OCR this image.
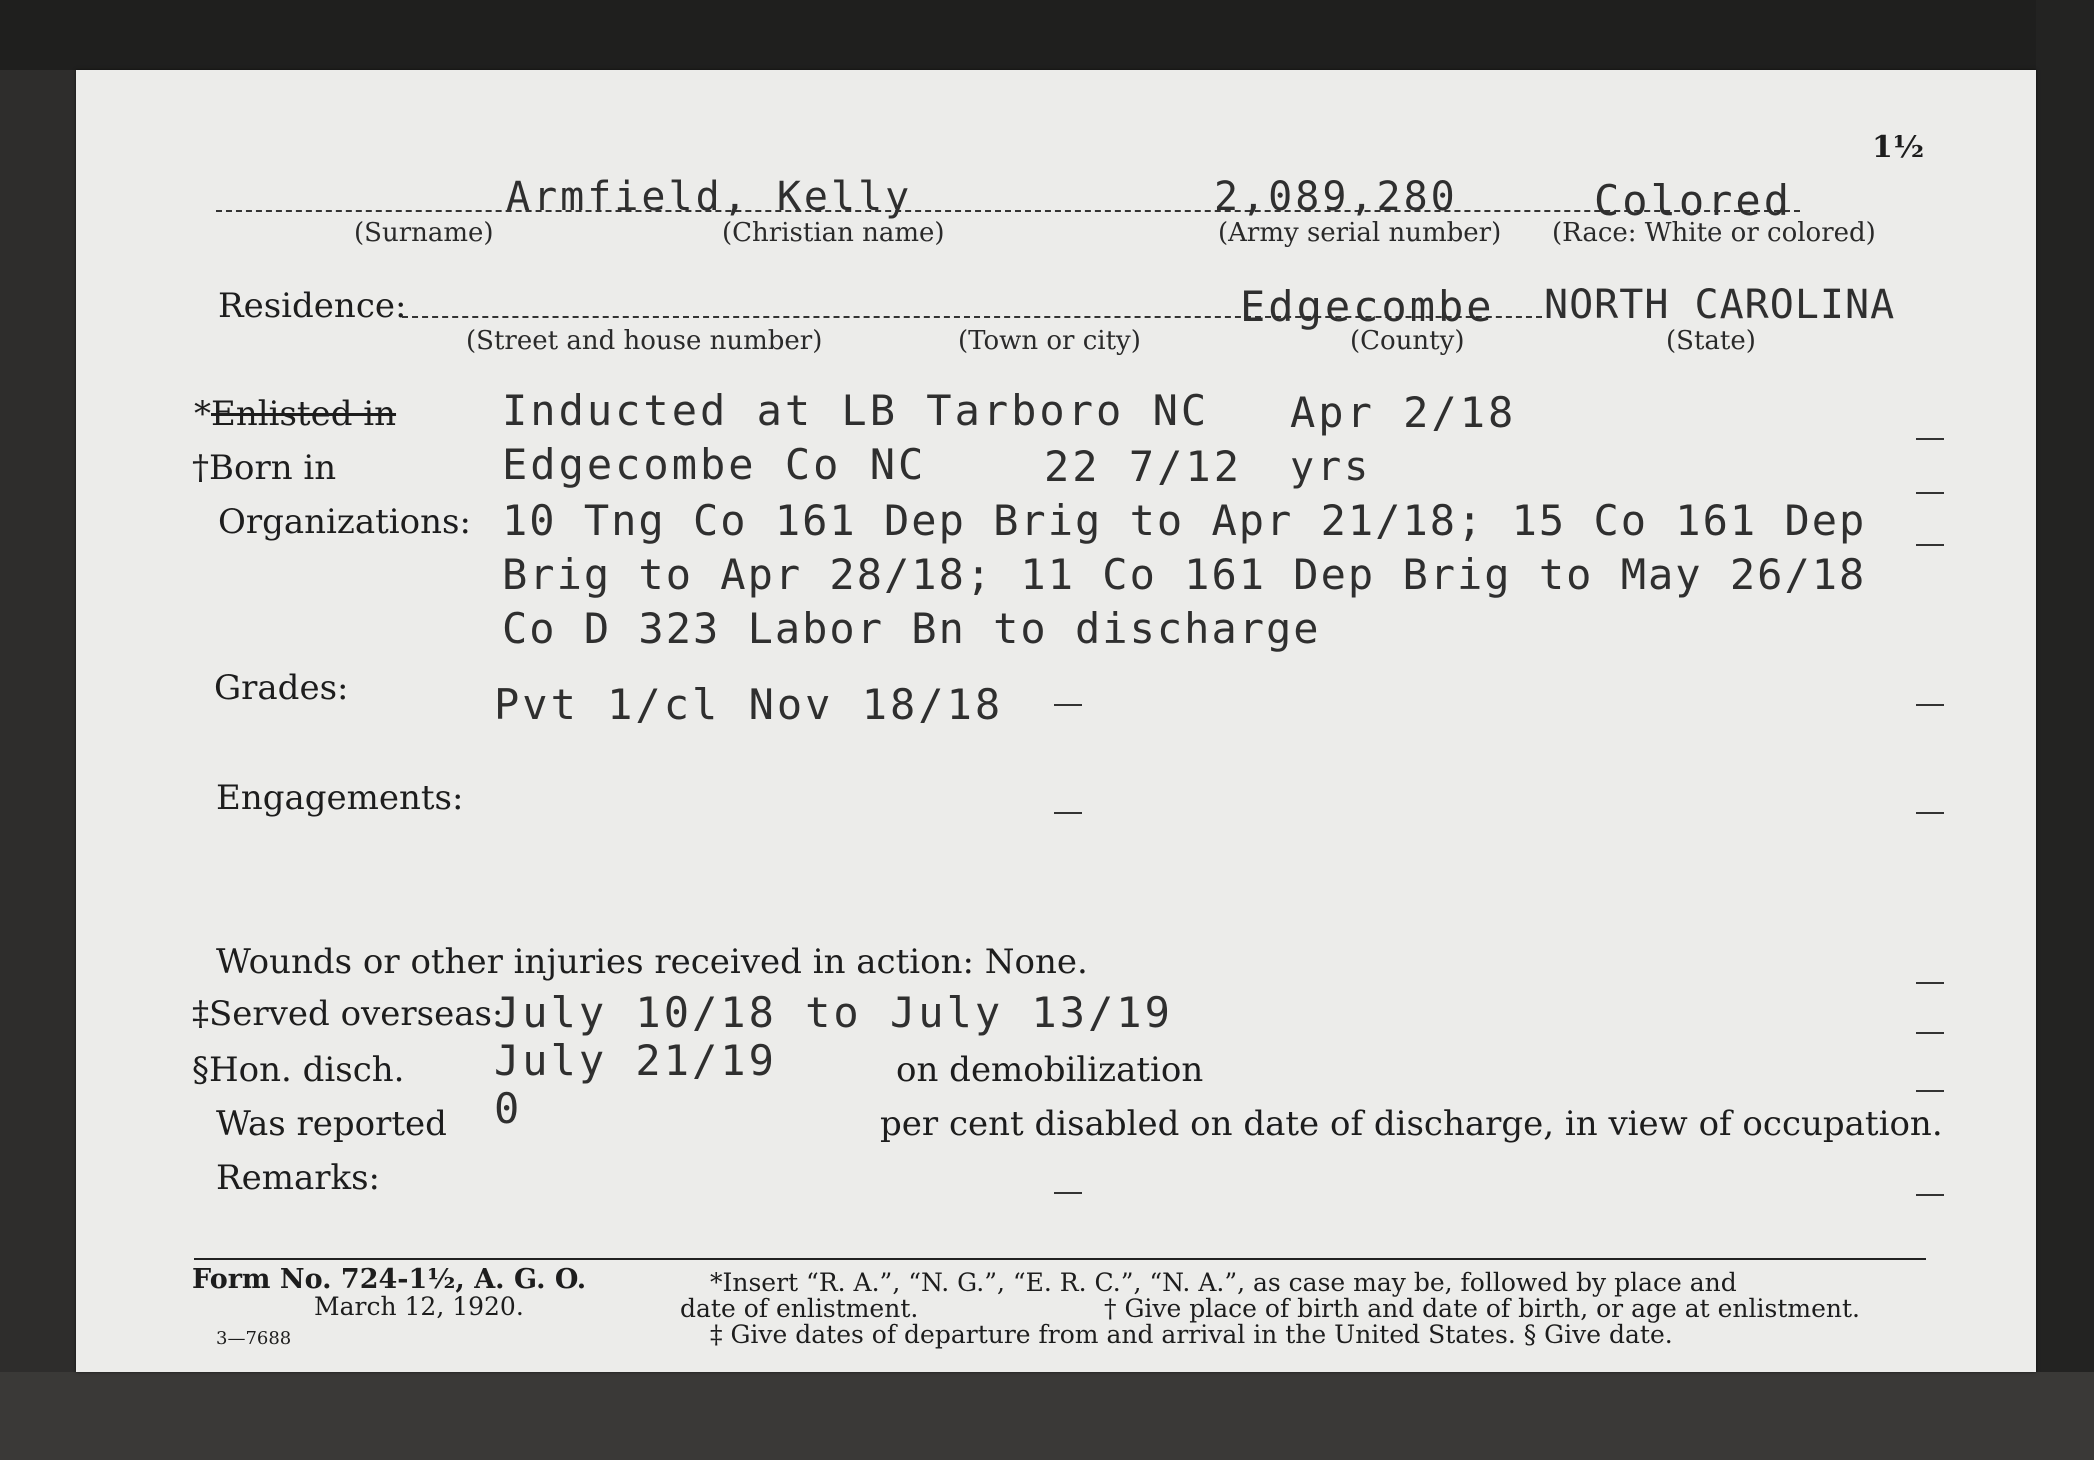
1½
Armfield, Kelly	2,089,280	Colored
(Surname)	(Christian name)	(Army serial number) (Race: White or colored)
Residence:	Edgecombe NORTH CAROLINA
(Street and house number)	(Town or city)	(County)	(State)
*Enlisted in	Inducted at LB Tarboro NC Apr 2/18
†Born in	Edgecombe Co NC	22 7/12 yrs
Organizations: 10 Tng Co 161 Dep Brig to Apr 21/18; 15 Co 161 Dep
Brig to Apr 28/18; 11 Co 161 Dep Brig to May 26/18
Co D 323 Labor Bn to discharge
Grades:	Pvt 1/cl Nov 18/18
Engagements:
Wounds or other injuries received in action: None.
‡Served overseas:
July 10/18 to July 13/19
§Hon. disch. July 21/19	on demobilization
Was reported 0	per cent disabled on date of discharge, in view of occupation.
Remarks:
Form No. 724-1½, A. G. O.
March 12, 1920.
3—7688
*Insert “R. A.”, “N. G.”, “E. R. C.”, “N. A.”, as case may be, followed by place and
date of enlistment.	† Give place of birth and date of birth, or age at enlistment.
‡ Give dates of departure from and arrival in the United States. § Give date.
